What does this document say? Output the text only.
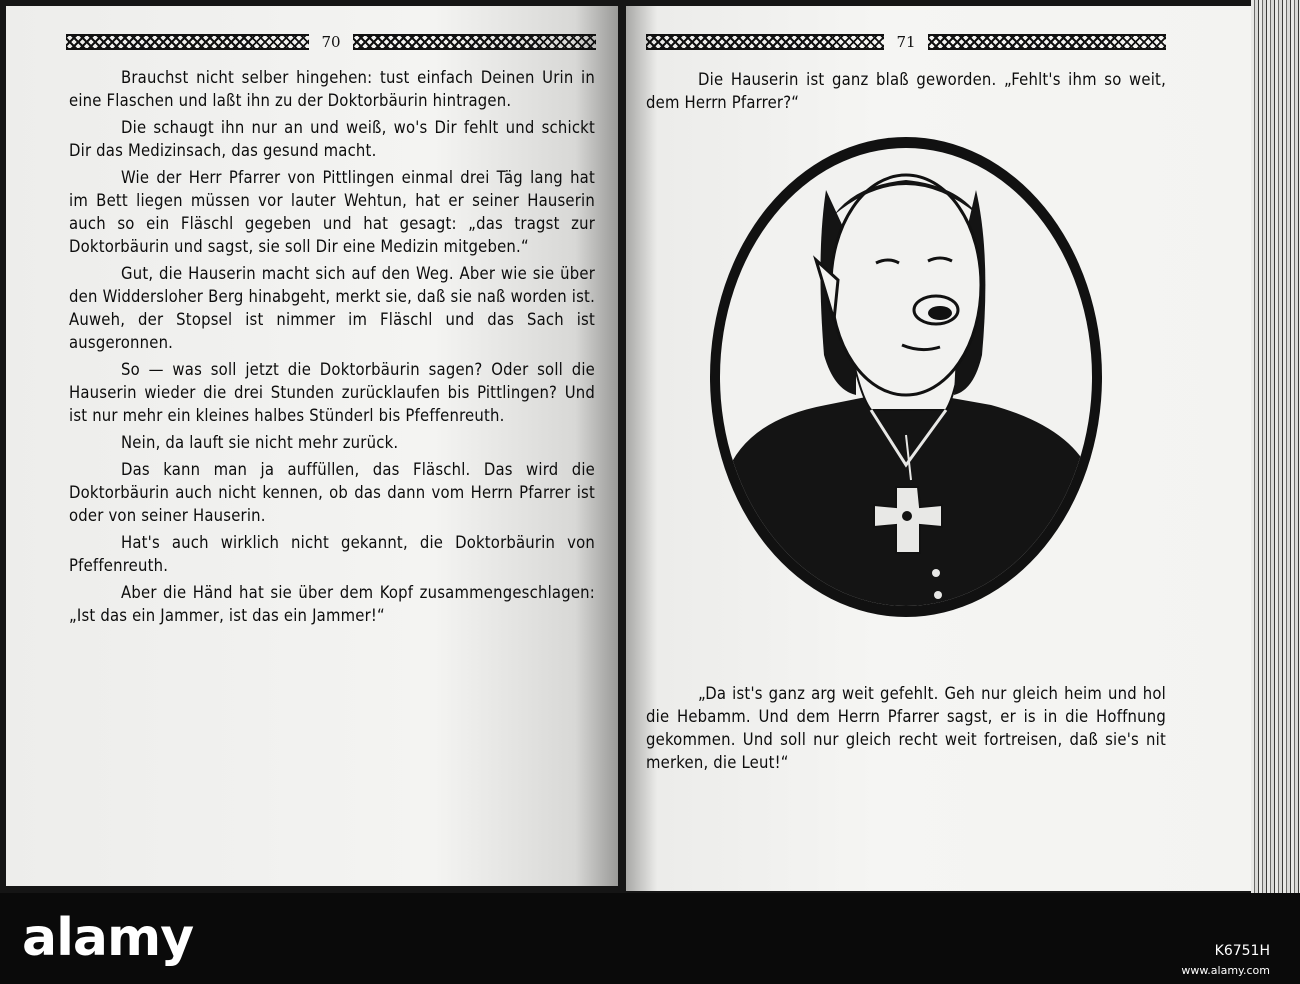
70

Brauchst nicht selber hingehen: tust einfach Deinen Urin in eine Flaschen und laßt ihn zu der Doktorbäurin hintragen.

Die schaugt ihn nur an und weiß, wo's Dir fehlt und schickt Dir das Medizinsach, das gesund macht.

Wie der Herr Pfarrer von Pittlingen einmal drei Täg lang hat im Bett liegen müssen vor lauter Wehtun, hat er seiner Hauserin auch so ein Fläschl gegeben und hat gesagt: „das tragst zur Doktorbäurin und sagst, sie soll Dir eine Medizin mitgeben.“

Gut, die Hauserin macht sich auf den Weg. Aber wie sie über den Widdersloher Berg hinabgeht, merkt sie, daß sie naß worden ist. Auweh, der Stopsel ist nimmer im Fläschl und das Sach ist ausgeronnen.

So — was soll jetzt die Doktorbäurin sagen? Oder soll die Hauserin wieder die drei Stunden zurücklaufen bis Pittlingen? Und ist nur mehr ein kleines halbes Stünderl bis Pfeffenreuth.

Nein, da lauft sie nicht mehr zurück.

Das kann man ja auffüllen, das Fläschl. Das wird die Doktorbäurin auch nicht kennen, ob das dann vom Herrn Pfarrer ist oder von seiner Hauserin.

Hat's auch wirklich nicht gekannt, die Doktorbäurin von Pfeffenreuth.

Aber die Händ hat sie über dem Kopf zusammengeschlagen: „Ist das ein Jammer, ist das ein Jammer!“

71

Die Hauserin ist ganz blaß geworden. „Fehlt's ihm so weit, dem Herrn Pfarrer?“

„Da ist's ganz arg weit gefehlt. Geh nur gleich heim und hol die Hebamm. Und dem Herrn Pfarrer sagst, er is in die Hoffnung gekommen. Und soll nur gleich recht weit fortreisen, daß sie's nit merken, die Leut!“

alamy	K6751H
www.alamy.com
